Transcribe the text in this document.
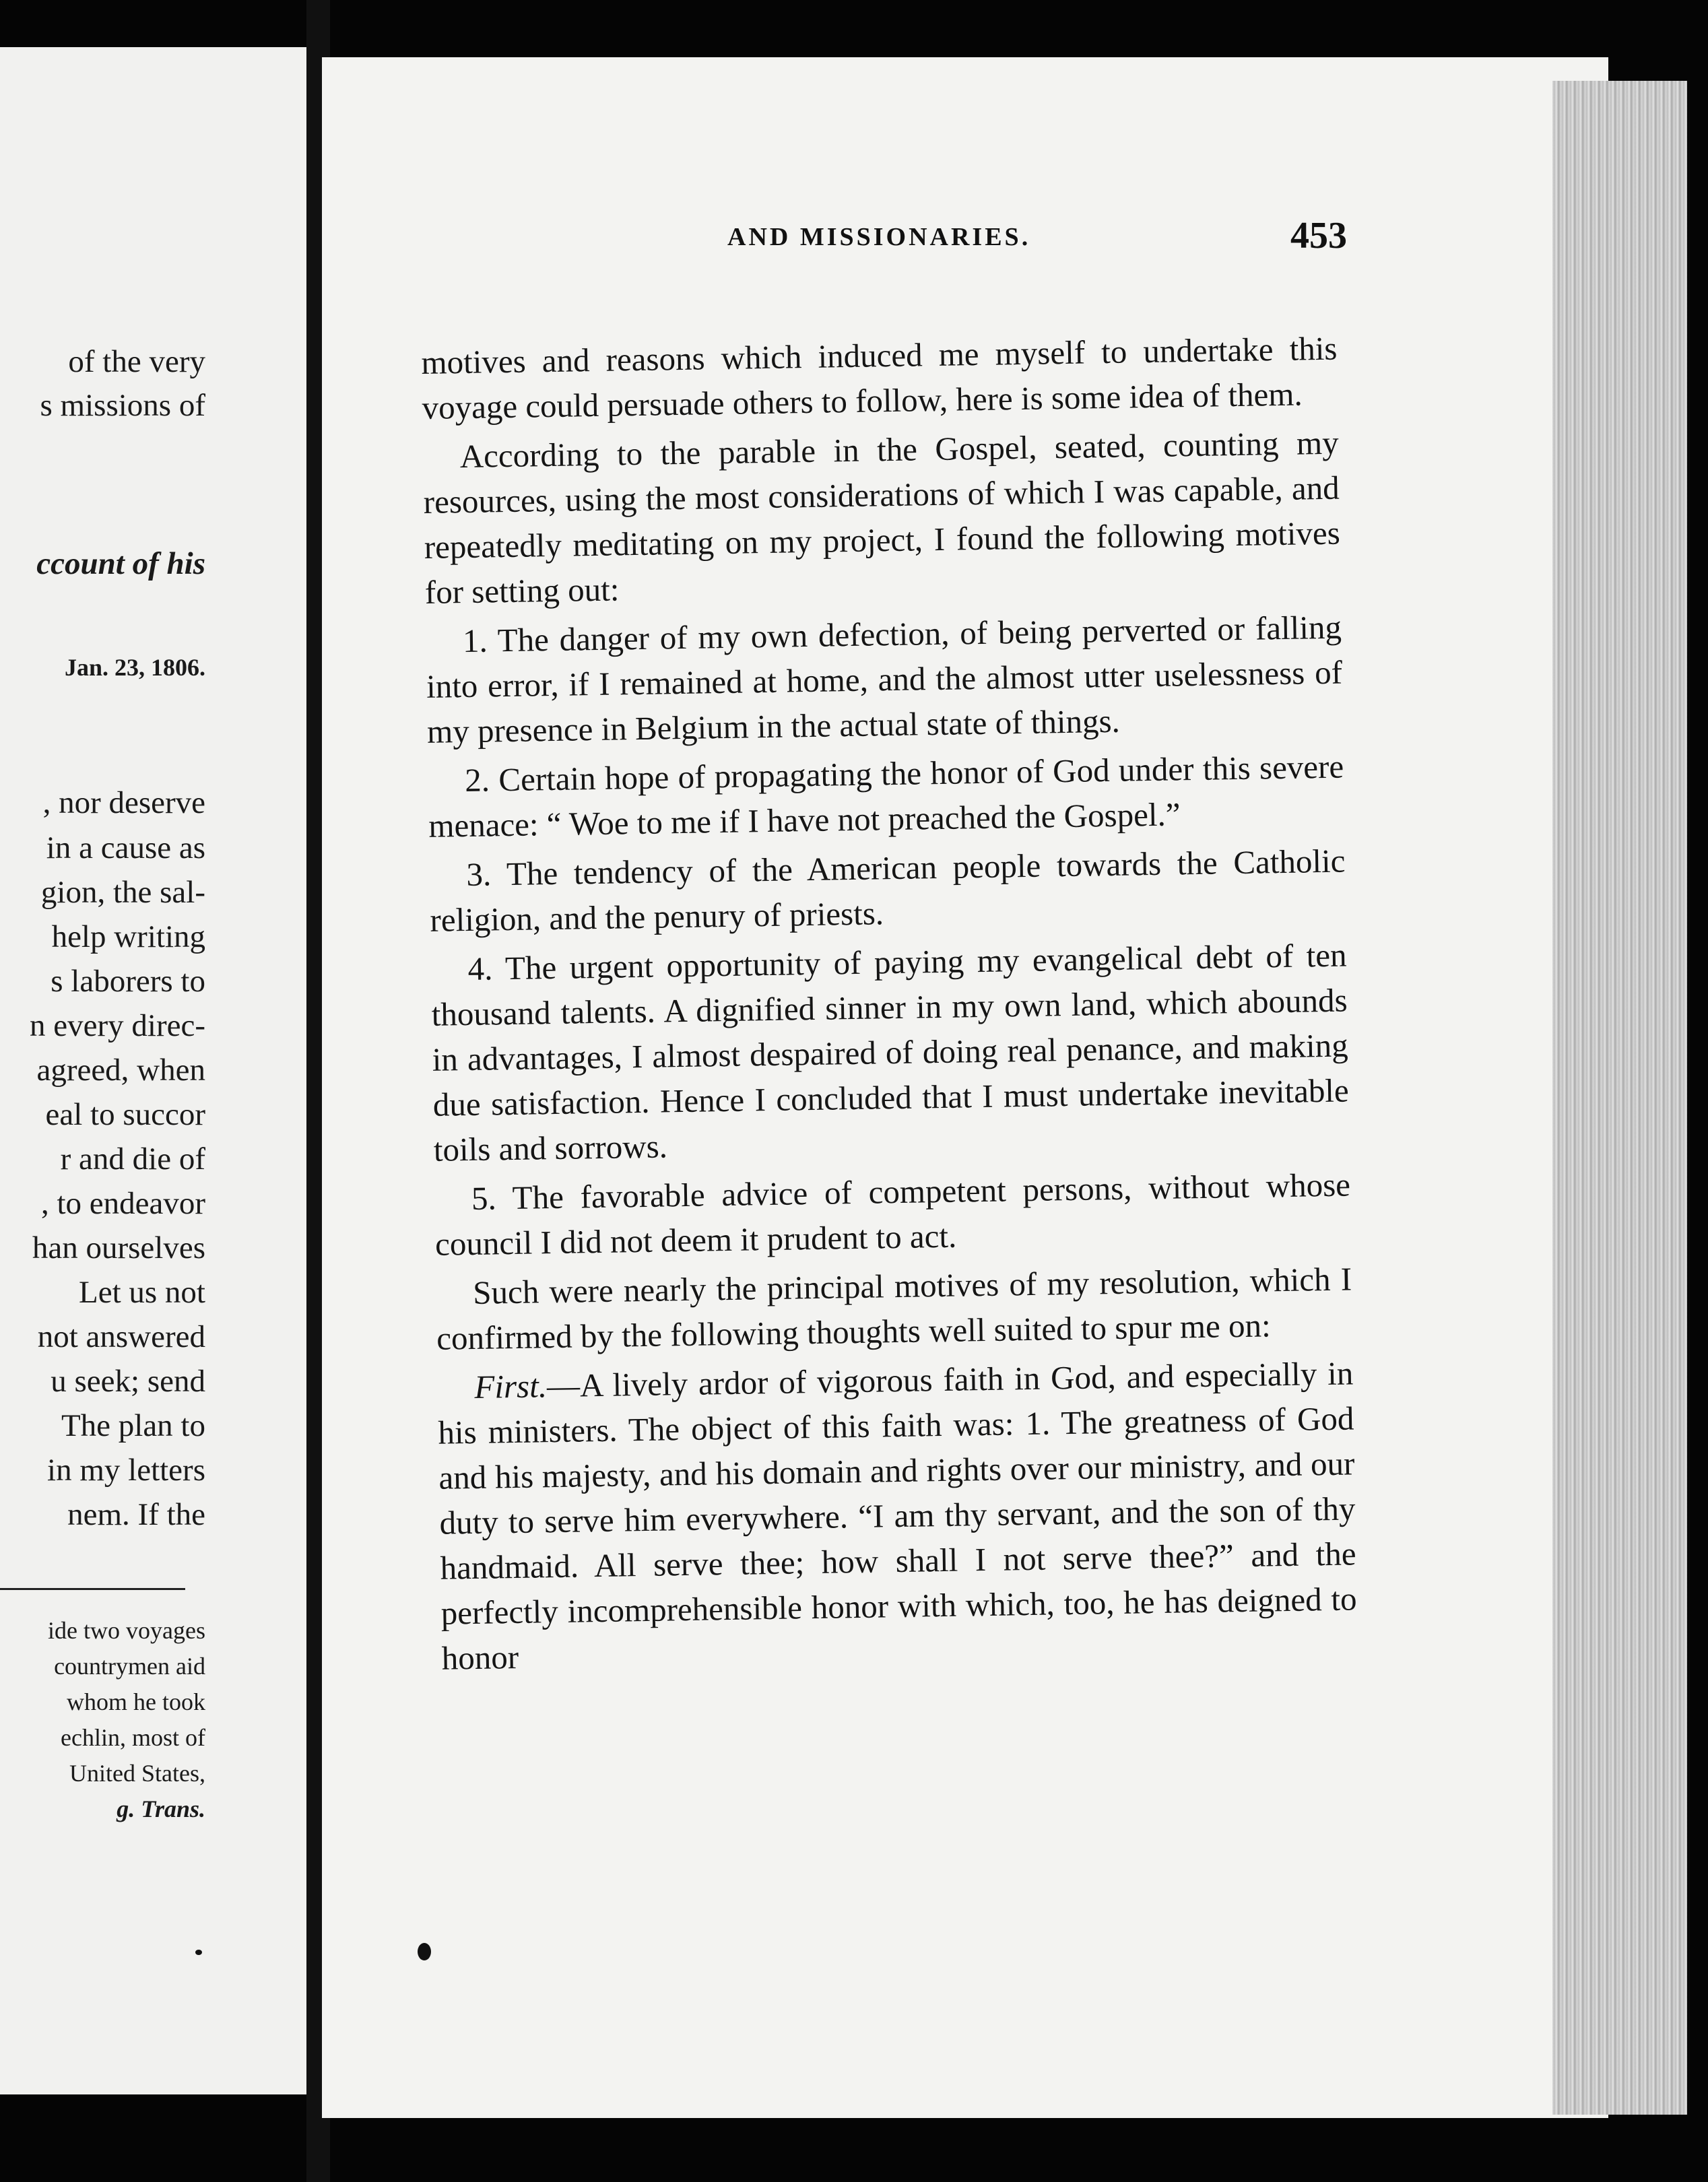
of the very
s missions of
ccount of his
Jan. 23, 1806.
, nor deserve
in a cause as
gion, the sal-
help writing
s laborers to
n every direc-
agreed, when
eal to succor
r and die of
, to endeavor
han ourselves
Let us not
not answered
u seek; send
The plan to
in my letters
nem. If the
ide two voyages
countrymen aid
whom he took
echlin, most of
United States,
g. Trans.
AND MISSIONARIES.	453

motives and reasons which induced me myself to undertake this voyage could persuade others to follow, here is some idea of them.

According to the parable in the Gospel, seated, counting my resources, using the most considerations of which I was capable, and repeatedly meditating on my project, I found the following motives for setting out:

1. The danger of my own defection, of being perverted or falling into error, if I remained at home, and the almost utter uselessness of my presence in Belgium in the actual state of things.

2. Certain hope of propagating the honor of God under this severe menace: “ Woe to me if I have not preached the Gospel.”

3. The tendency of the American people towards the Catholic religion, and the penury of priests.

4. The urgent opportunity of paying my evangelical debt of ten thousand talents. A dignified sinner in my own land, which abounds in advantages, I almost despaired of doing real penance, and making due satisfaction. Hence I concluded that I must undertake inevitable toils and sorrows.

5. The favorable advice of competent persons, without whose council I did not deem it prudent to act.

Such were nearly the principal motives of my resolution, which I confirmed by the following thoughts well suited to spur me on:

First.—A lively ardor of vigorous faith in God, and especially in his ministers. The object of this faith was: 1. The greatness of God and his majesty, and his domain and rights over our ministry, and our duty to serve him everywhere. “I am thy servant, and the son of thy handmaid. All serve thee; how shall I not serve thee?” and the perfectly incomprehensible honor with which, too, he has deigned to honor
